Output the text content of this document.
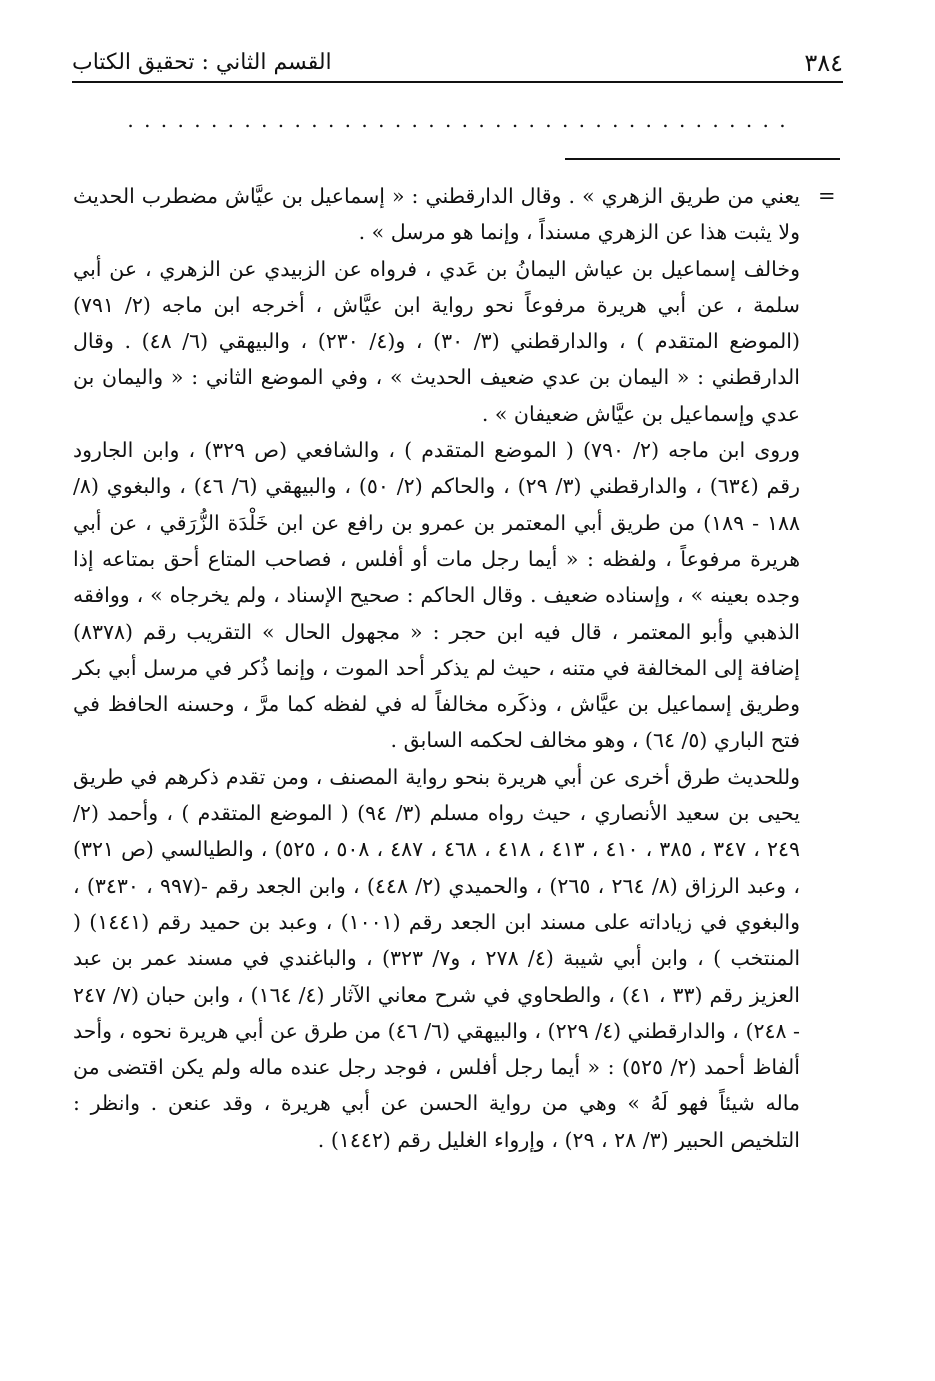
٣٨٤
القسم الثاني : تحقيق الكتاب
. . . . . . . . . . . . . . . . . . . . . . . . . . . . . . . . . . . . . . . .
=

يعني من طريق الزهري » . وقال الدارقطني : « إسماعيل بن عيَّاش مضطرب الحديث ولا يثبت هذا عن الزهري مسنداً ، وإنما هو مرسل » .

وخالف إسماعيل بن عياش اليمانُ بن عَدي ، فرواه عن الزبيدي عن الزهري ، عن أبي سلمة ، عن أبي هريرة مرفوعاً نحو رواية ابن عيَّاش ، أخرجه ابن ماجه (٢/ ٧٩١) (الموضع المتقدم ) ، والدارقطني (٣/ ٣٠) ، و(٤/ ٢٣٠) ، والبيهقي (٦/ ٤٨) . وقال الدارقطني : « اليمان بن عدي ضعيف الحديث » ، وفي الموضع الثاني : « واليمان بن عدي وإسماعيل بن عيَّاش ضعيفان » .

وروى ابن ماجه (٢/ ٧٩٠) ( الموضع المتقدم ) ، والشافعي (ص ٣٢٩) ، وابن الجارود رقم (٦٣٤) ، والدارقطني (٣/ ٢٩) ، والحاكم (٢/ ٥٠) ، والبيهقي (٦/ ٤٦) ، والبغوي (٨/ ١٨٨ - ١٨٩) من طريق أبي المعتمر بن عمرو بن رافع عن ابن خَلْدَة الزُّرَقي ، عن أبي هريرة مرفوعاً ، ولفظه : « أيما رجل مات أو أفلس ، فصاحب المتاع أحق بمتاعه إذا وجده بعينه » ، وإسناده ضعيف . وقال الحاكم : صحيح الإسناد ، ولم يخرجاه » ، ووافقه الذهبي وأبو المعتمر ، قال فيه ابن حجر : « مجهول الحال » التقريب رقم (٨٣٧٨) إضافة إلى المخالفة في متنه ، حيث لم يذكر أحد الموت ، وإنما ذُكر في مرسل أبي بكر وطريق إسماعيل بن عيَّاش ، وذكَره مخالفاً له في لفظه كما مرَّ ، وحسنه الحافظ في فتح الباري (٥/ ٦٤) ، وهو مخالف لحكمه السابق .

وللحديث طرق أخرى عن أبي هريرة بنحو رواية المصنف ، ومن تقدم ذكرهم في طريق يحيى بن سعيد الأنصاري ، حيث رواه مسلم (٣/ ٩٤) ( الموضع المتقدم ) ، وأحمد (٢/ ٢٤٩ ، ٣٤٧ ، ٣٨٥ ، ٤١٠ ، ٤١٣ ، ٤١٨ ، ٤٦٨ ، ٤٨٧ ، ٥٠٨ ، ٥٢٥) ، والطيالسي (ص ٣٢١) ، وعبد الرزاق (٨/ ٢٦٤ ، ٢٦٥) ، والحميدي (٢/ ٤٤٨) ، وابن الجعد رقم -(٩٩٧ ، ٣٤٣٠) ، والبغوي في زياداته على مسند ابن الجعد رقم (١٠٠١) ، وعبد بن حميد رقم (١٤٤١) ( المنتخب ) ، وابن أبي شيبة (٤/ ٢٧٨ ، و٧/ ٣٢٣) ، والباغندي في مسند عمر بن عبد العزيز رقم (٣٣ ، ٤١) ، والطحاوي في شرح معاني الآثار (٤/ ١٦٤) ، وابن حبان (٧/ ٢٤٧ - ٢٤٨) ، والدارقطني (٤/ ٢٢٩) ، والبيهقي (٦/ ٤٦) من طرق عن أبي هريرة نحوه ، وأحد ألفاظ أحمد (٢/ ٥٢٥) : « أيما رجل أفلس ، فوجد رجل عنده ماله ولم يكن اقتضى من ماله شيئاً فهو لَهُ » وهي من رواية الحسن عن أبي هريرة ، وقد عنعن . وانظر : التلخيص الحبير (٣/ ٢٨ ، ٢٩) ، وإرواء الغليل رقم (١٤٤٢) .
